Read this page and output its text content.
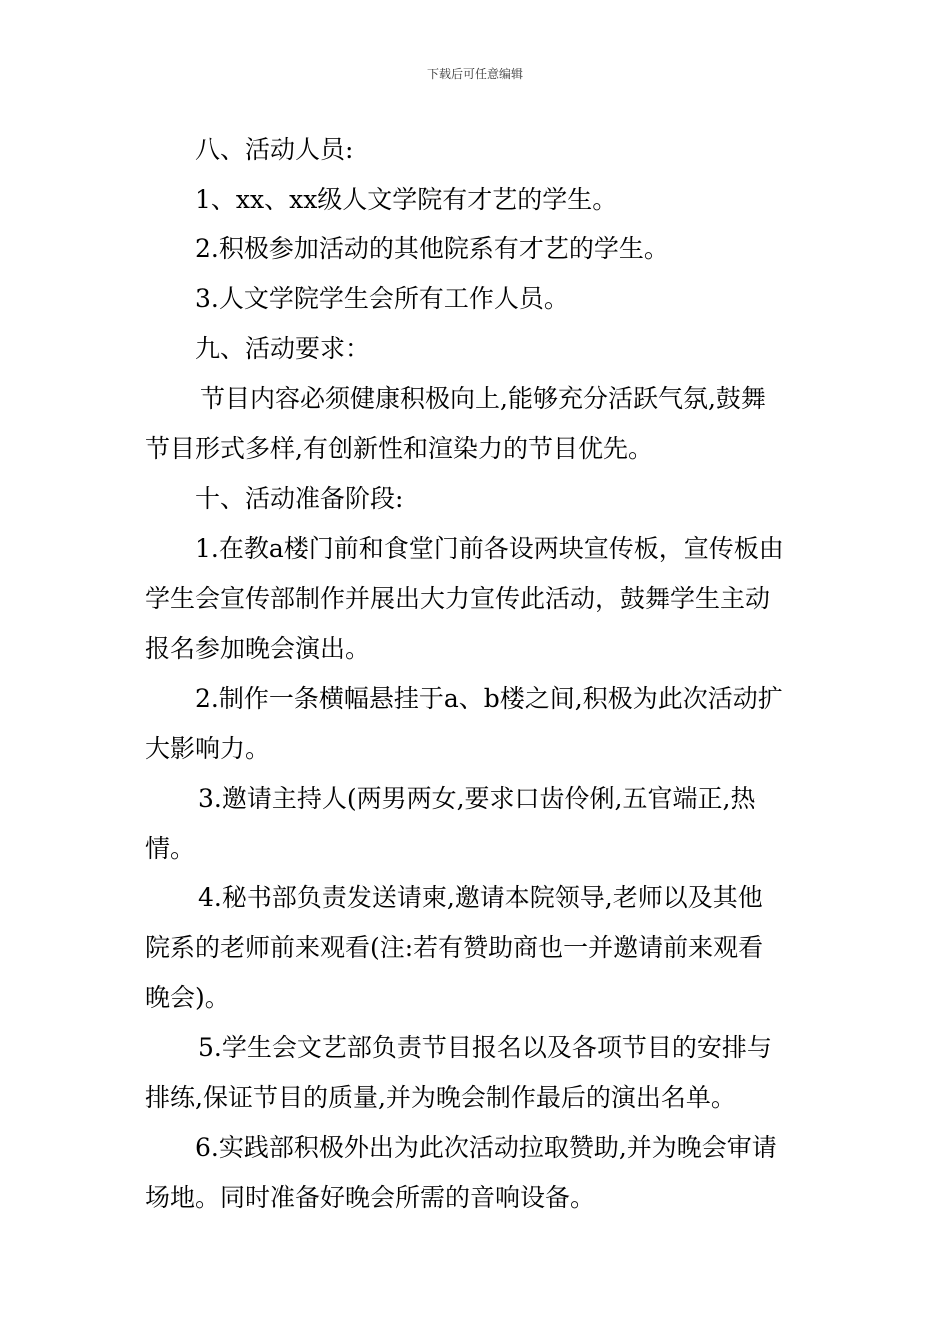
下载后可任意编辑
八、活动人员:
1、xx、xx级人文学院有才艺的学生。
2.积极参加活动的其他院系有才艺的学生。
3.人文学院学生会所有工作人员。
九、活动要求：
节目内容必须健康积极向上,能够充分活跃气氛,鼓舞
节目形式多样,有创新性和渲染力的节目优先。
十、活动准备阶段:
1.在教a楼门前和食堂门前各设两块宣传板，宣传板由
学生会宣传部制作并展出大力宣传此活动，鼓舞学生主动
报名参加晚会演出。
2.制作一条横幅悬挂于a、b楼之间,积极为此次活动扩
大影响力。
3.邀请主持人(两男两女,要求口齿伶俐,五官端正,热
情。
4.秘书部负责发送请柬,邀请本院领导,老师以及其他
院系的老师前来观看(注:若有赞助商也一并邀请前来观看
晚会)。
5.学生会文艺部负责节目报名以及各项节目的安排与
排练,保证节目的质量,并为晚会制作最后的演出名单。
6.实践部积极外出为此次活动拉取赞助,并为晚会审请
场地。同时准备好晚会所需的音响设备。
